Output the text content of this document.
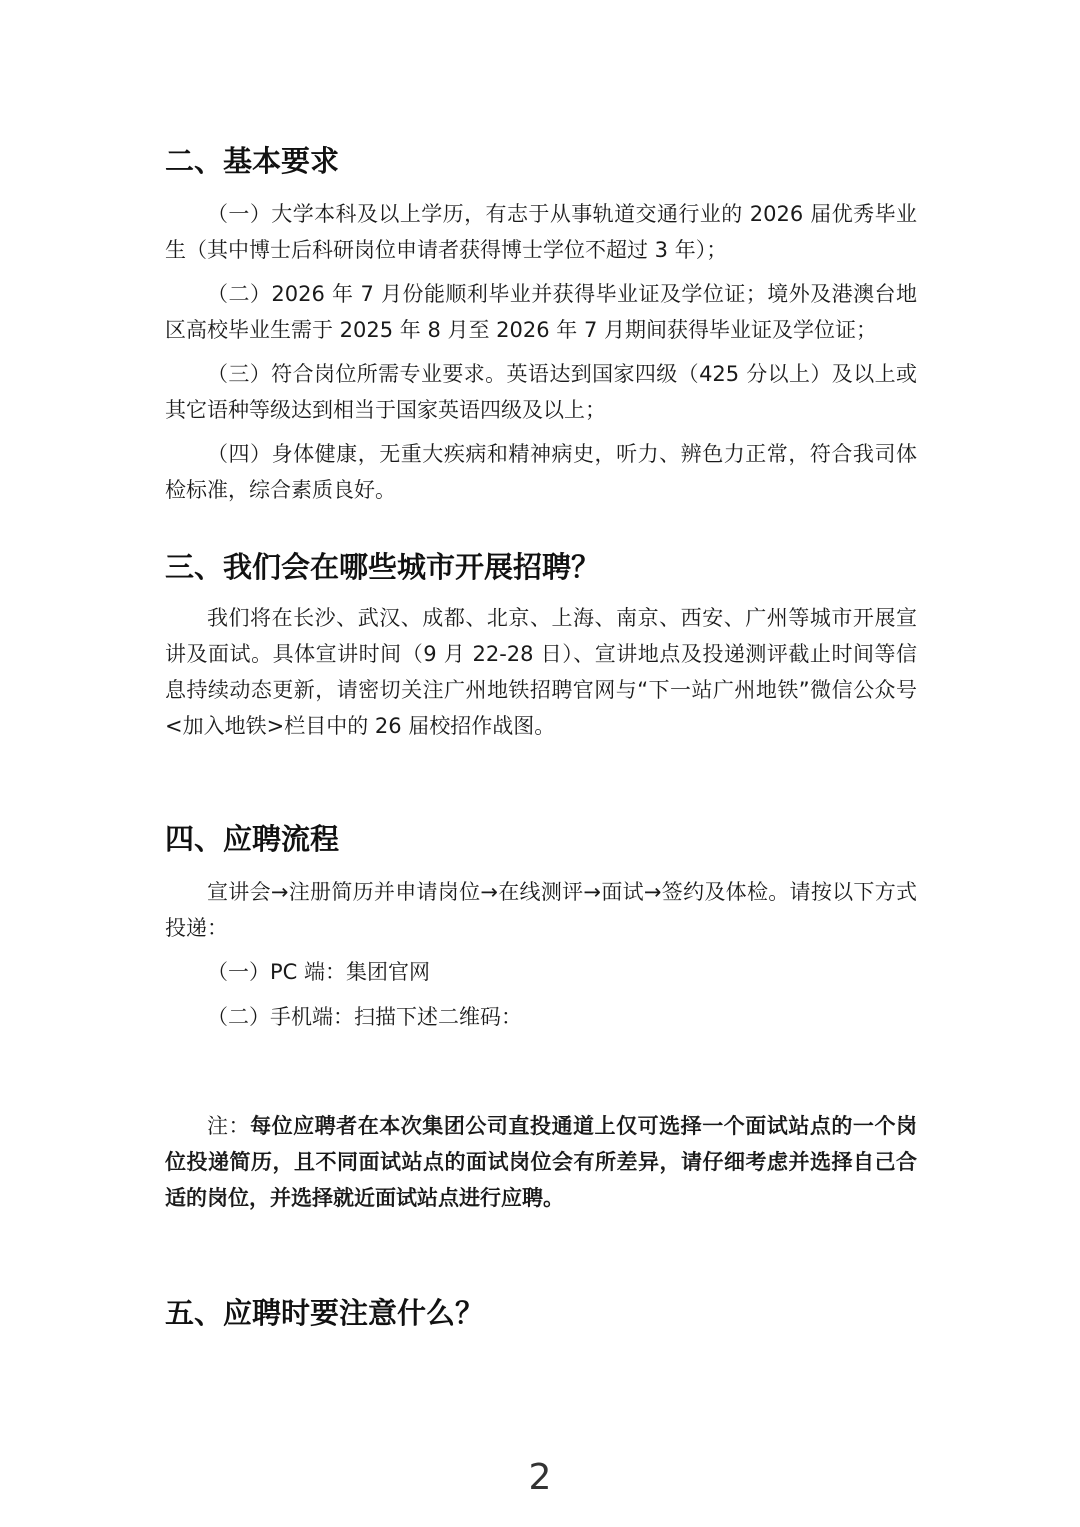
二、基本要求
（一）大学本科及以上学历，有志于从事轨道交通行业的 2026 届优秀毕业生（其中博士后科研岗位申请者获得博士学位不超过 3 年）；
（二）2026 年 7 月份能顺利毕业并获得毕业证及学位证；境外及港澳台地区高校毕业生需于 2025 年 8 月至 2026 年 7 月期间获得毕业证及学位证；
（三）符合岗位所需专业要求。英语达到国家四级（425 分以上）及以上或其它语种等级达到相当于国家英语四级及以上；
（四）身体健康，无重大疾病和精神病史，听力、辨色力正常，符合我司体检标准，综合素质良好。
三、我们会在哪些城市开展招聘？
我们将在长沙、武汉、成都、北京、上海、南京、西安、广州等城市开展宣讲及面试。具体宣讲时间（9 月 22-28 日）、宣讲地点及投递测评截止时间等信息持续动态更新，请密切关注广州地铁招聘官网与“下一站广州地铁”微信公众号<加入地铁>栏目中的 26 届校招作战图。
四、应聘流程
宣讲会→注册简历并申请岗位→在线测评→面试→签约及体检。请按以下方式投递：
（一）PC 端：集团官网
（二）手机端：扫描下述二维码：
注：每位应聘者在本次集团公司直投通道上仅可选择一个面试站点的一个岗位投递简历，且不同面试站点的面试岗位会有所差异，请仔细考虑并选择自己合适的岗位，并选择就近面试站点进行应聘。
五、应聘时要注意什么？
2
